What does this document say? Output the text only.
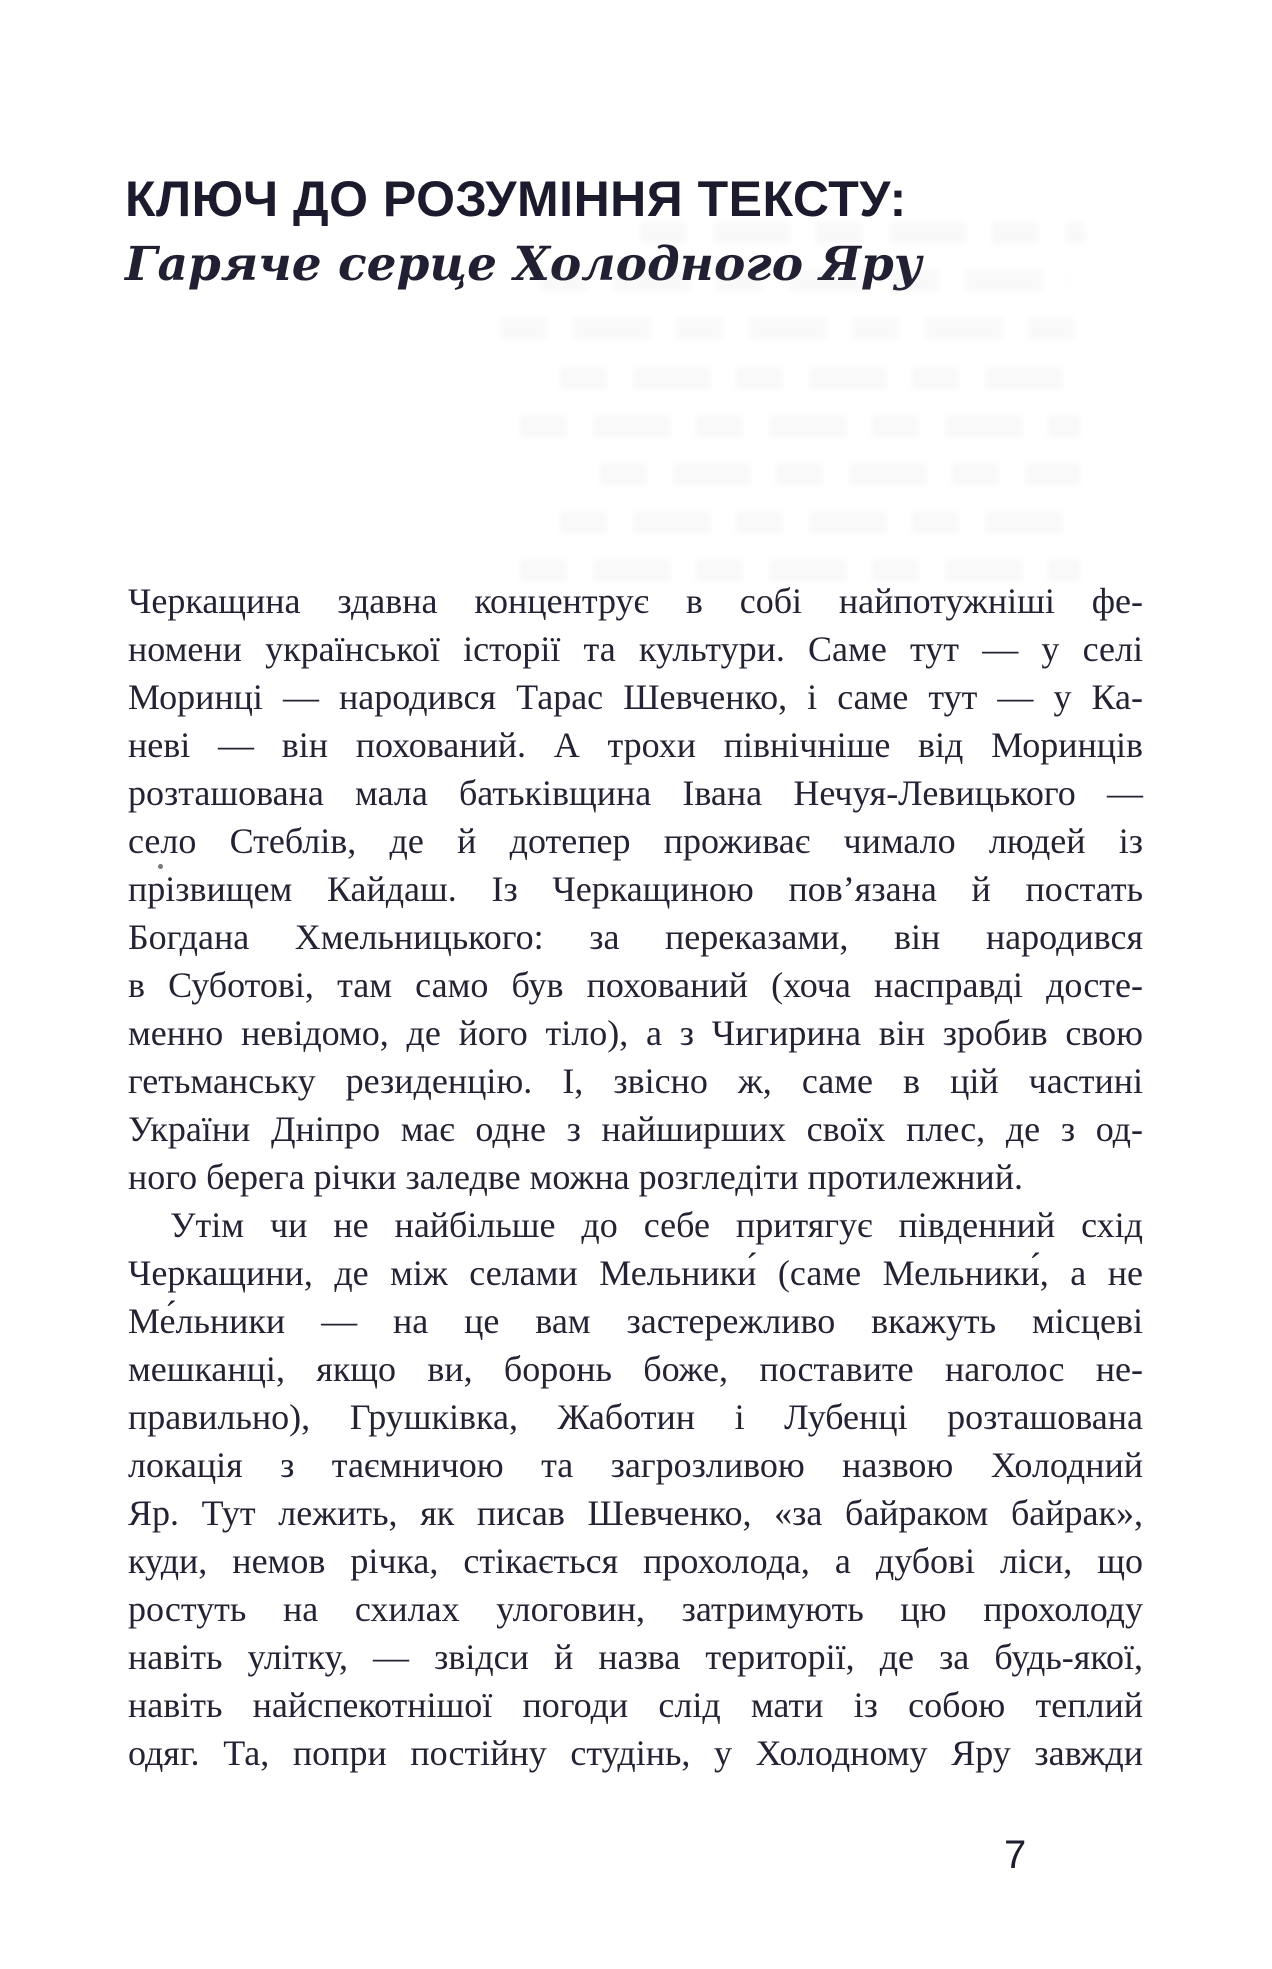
КЛЮЧ ДО РОЗУМІННЯ ТЕКСТУ:
Гаряче серце Холодного Яру
Черкащина здавна концентрує в собі найпотужніші фе-
номени української історії та культури. Саме тут — у селі
Моринці — народився Тарас Шевченко, і саме тут — у Ка-
неві — він похований. А трохи північніше від Моринців
розташована мала батьківщина Івана Нечуя-Левицького —
село Стеблів, де й дотепер проживає чимало людей із
прізвищем Кайдаш. Із Черкащиною пов’язана й постать
Богдана Хмельницького: за переказами, він народився
в Суботові, там само був похований (хоча насправді досте-
менно невідомо, де його тіло), а з Чигирина він зробив свою
гетьманську резиденцію. І, звісно ж, саме в цій частині
України Дніпро має одне з найширших своїх плес, де з од-
ного берега річки заледве можна розгледіти протилежний.
Утім чи не найбільше до себе притягує південний схід
Черкащини, де між селами Мельники́ (саме Мельники́, а не
Ме́льники — на це вам застережливо вкажуть місцеві
мешканці, якщо ви, боронь боже, поставите наголос не-
правильно), Грушківка, Жаботин і Лубенці розташована
локація з таємничою та загрозливою назвою Холодний
Яр. Тут лежить, як писав Шевченко, «за байраком байрак»,
куди, немов річка, стікається прохолода, а дубові ліси, що
ростуть на схилах улоговин, затримують цю прохолоду
навіть улітку, — звідси й назва території, де за будь-якої,
навіть найспекотнішої погоди слід мати із собою теплий
одяг. Та, попри постійну студінь, у Холодному Яру завжди
7
